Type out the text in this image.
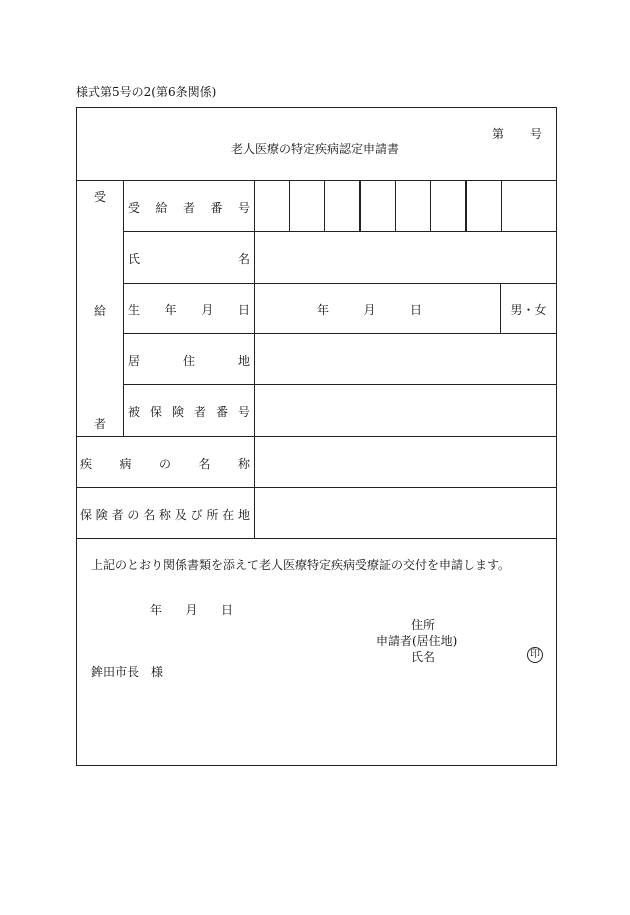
様式第5号の2(第6条関係)
老人医療の特定疾病認定申請書
第 号
受
給
者
受 給 者 番 号
氏	名
生 年 月 日	年	月	日	男・女
居	住	地
被 保 険 者 番 号
疾 病 の 名 称
保 険 者 の 名 称 及 び 所 在 地
上記のとおり関係書類を添えて老人医療特定疾病受療証の交付を申請します。
年 月 日
住所
申請者(居住地)
氏名	印
鉾田市長　様
